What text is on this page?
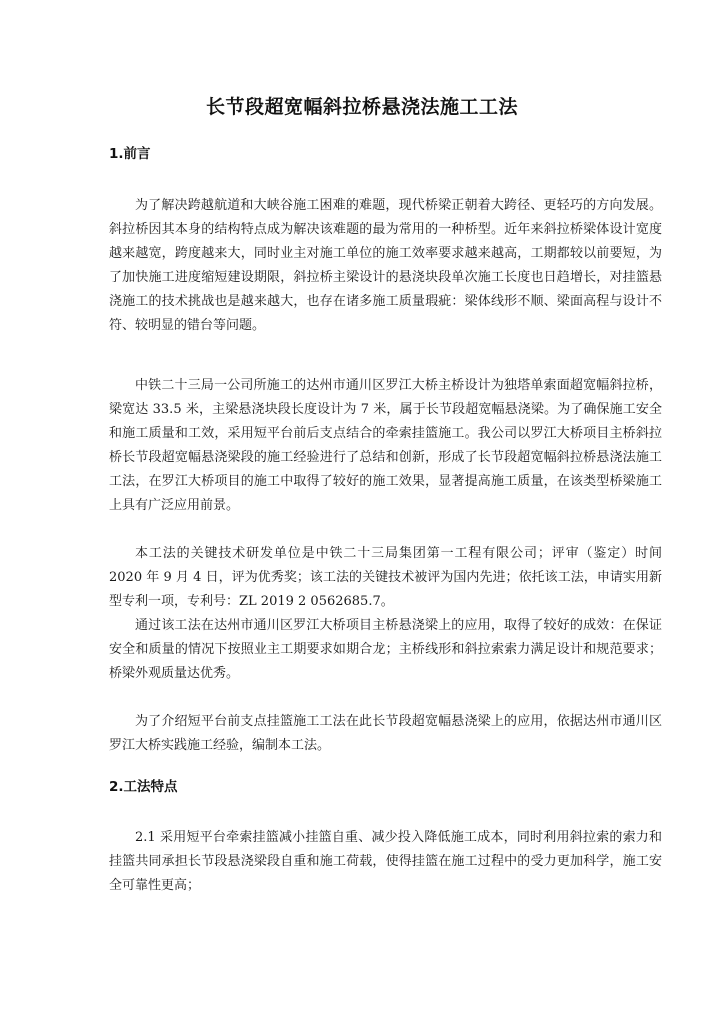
长节段超宽幅斜拉桥悬浇法施工工法
1.前言

为了解决跨越航道和大峡谷施工困难的难题，现代桥梁正朝着大跨径、更轻巧的方向发展。斜拉桥因其本身的结构特点成为解决该难题的最为常用的一种桥型。近年来斜拉桥梁体设计宽度越来越宽，跨度越来大，同时业主对施工单位的施工效率要求越来越高，工期都较以前要短，为了加快施工进度缩短建设期限，斜拉桥主梁设计的悬浇块段单次施工长度也日趋增长，对挂篮悬浇施工的技术挑战也是越来越大，也存在诸多施工质量瑕疵：梁体线形不顺、梁面高程与设计不符、较明显的错台等问题。

中铁二十三局一公司所施工的达州市通川区罗江大桥主桥设计为独塔单索面超宽幅斜拉桥，梁宽达 33.5 米，主梁悬浇块段长度设计为 7 米，属于长节段超宽幅悬浇梁。为了确保施工安全和施工质量和工效，采用短平台前后支点结合的牵索挂篮施工。我公司以罗江大桥项目主桥斜拉桥长节段超宽幅悬浇梁段的施工经验进行了总结和创新，形成了长节段超宽幅斜拉桥悬浇法施工工法，在罗江大桥项目的施工中取得了较好的施工效果，显著提高施工质量，在该类型桥梁施工上具有广泛应用前景。

本工法的关键技术研发单位是中铁二十三局集团第一工程有限公司；评审（鉴定）时间 2020 年 9 月 4 日，评为优秀奖；该工法的关键技术被评为国内先进；依托该工法，申请实用新型专利一项，专利号：ZL 2019 2 0562685.7。

通过该工法在达州市通川区罗江大桥项目主桥悬浇梁上的应用，取得了较好的成效：在保证安全和质量的情况下按照业主工期要求如期合龙；主桥线形和斜拉索索力满足设计和规范要求；桥梁外观质量达优秀。

为了介绍短平台前支点挂篮施工工法在此长节段超宽幅悬浇梁上的应用，依据达州市通川区罗江大桥实践施工经验，编制本工法。

2.工法特点

2.1 采用短平台牵索挂篮减小挂篮自重、减少投入降低施工成本，同时利用斜拉索的索力和挂篮共同承担长节段悬浇梁段自重和施工荷载，使得挂篮在施工过程中的受力更加科学，施工安全可靠性更高；
